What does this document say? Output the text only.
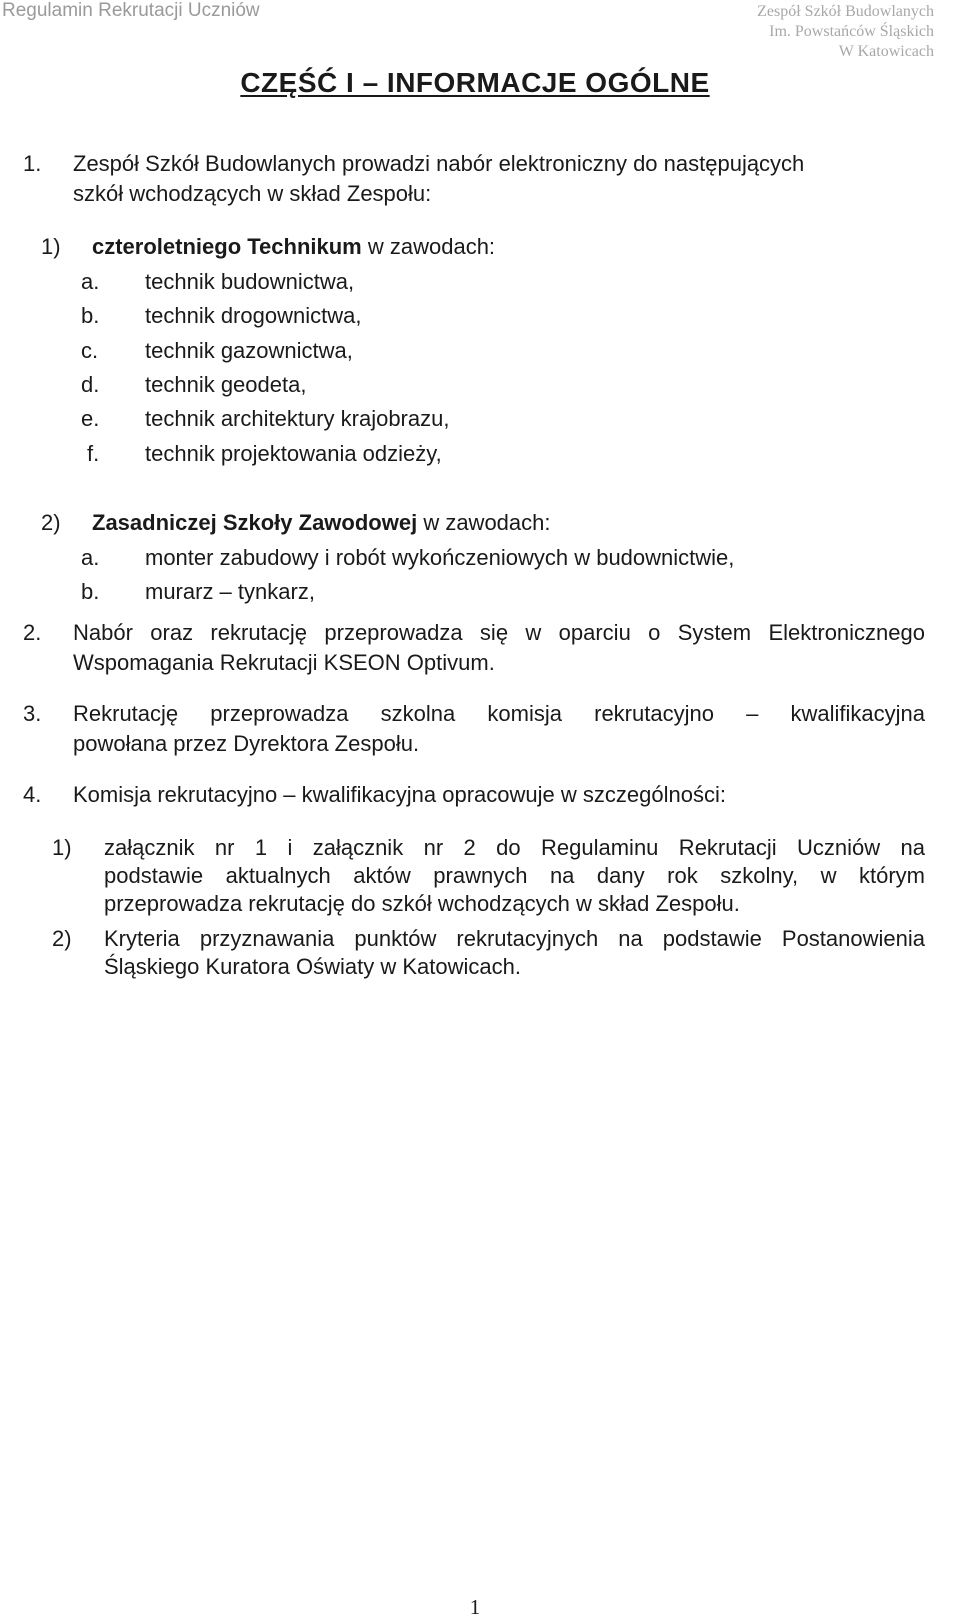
Regulamin Rekrutacji Uczniów	Zespół Szkół Budowlanych
Im. Powstańców Śląskich
W Katowicach
CZĘŚĆ I – INFORMACJE OGÓLNE
1. Zespół Szkół Budowlanych prowadzi nabór elektroniczny do następujących
szkół wchodzących w skład Zespołu:
1) czteroletniego Technikum w zawodach:
a. technik budownictwa,
b. technik drogownictwa,
c. technik gazownictwa,
d. technik geodeta,
e. technik architektury krajobrazu,
f. technik projektowania odzieży,
2) Zasadniczej Szkoły Zawodowej w zawodach:
a. monter zabudowy i robót wykończeniowych w budownictwie,
b. murarz – tynkarz,
2. Nabór oraz rekrutację przeprowadza się w oparciu o System Elektronicznego
Wspomagania Rekrutacji KSEON Optivum.
3. Rekrutację przeprowadza szkolna komisja rekrutacyjno – kwalifikacyjna
powołana przez Dyrektora Zespołu.
4. Komisja rekrutacyjno – kwalifikacyjna opracowuje w szczególności:
1) załącznik nr 1 i załącznik nr 2 do Regulaminu Rekrutacji Uczniów na
podstawie aktualnych aktów prawnych na dany rok szkolny, w którym
przeprowadza rekrutację do szkół wchodzących w skład Zespołu.
2) Kryteria przyznawania punktów rekrutacyjnych na podstawie Postanowienia
Śląskiego Kuratora Oświaty w Katowicach.
1
